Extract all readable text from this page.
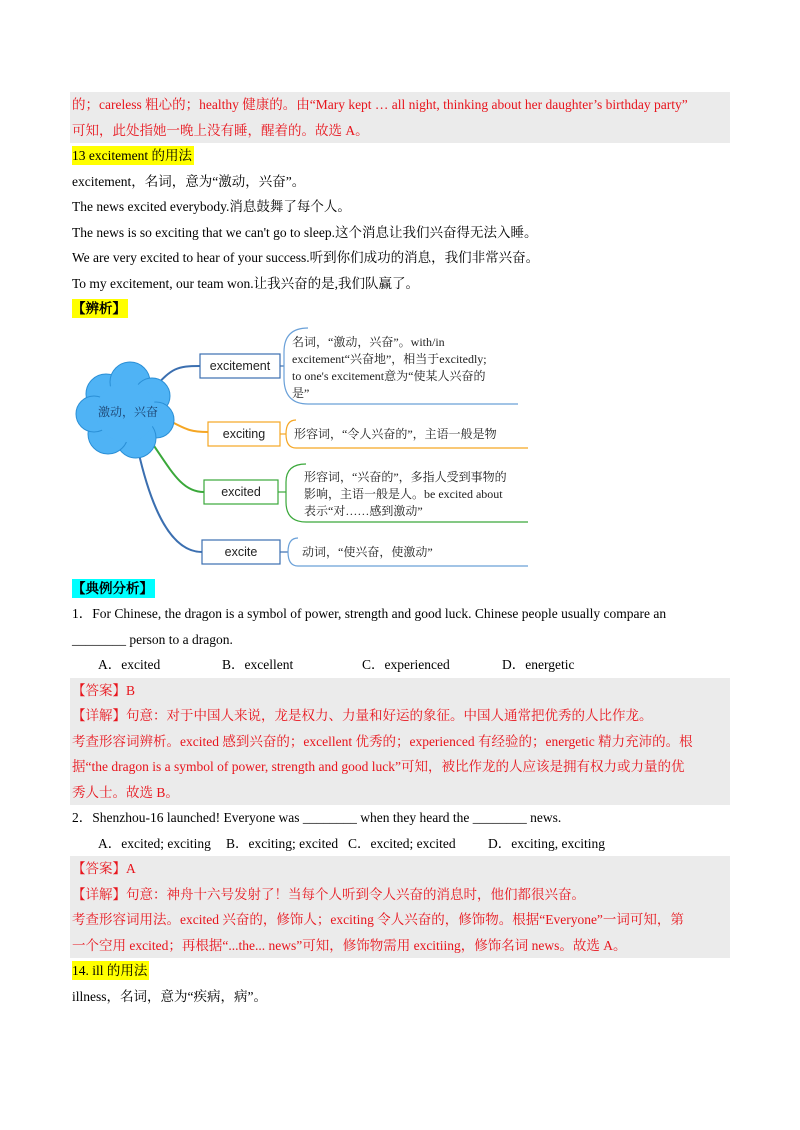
的；careless 粗心的；healthy 健康的。由“Mary kept … all night, thinking about her daughter’s birthday party”
可知，此处指她一晚上没有睡，醒着的。故选 A。
13 excitement 的用法
excitement，名词，意为“激动，兴奋”。
The news excited everybody.消息鼓舞了每个人。
The news is so exciting that we can't go to sleep.这个消息让我们兴奋得无法入睡。
We are very excited to hear of your success.听到你们成功的消息，我们非常兴奋。
To my excitement, our team won.让我兴奋的是,我们队赢了。
【辨析】
激动，兴奋
excitement
exciting
excited
excite
名词，“激动，兴奋”。with/in
excitement“兴奋地”，相当于excitedly;
to one's excitement意为“使某人兴奋的
是”
形容词，“令人兴奋的”，主语一般是物
形容词，“兴奋的”，多指人受到事物的
影响，主语一般是人。be excited about
表示“对……感到激动”
动词，“使兴奋，使激动”
【典例分析】
1．For Chinese, the dragon is a symbol of power, strength and good luck. Chinese people usually compare an
________ person to a dragon.
A．excited	B．excellent	C．experienced	D．energetic
【答案】B
【详解】句意：对于中国人来说，龙是权力、力量和好运的象征。中国人通常把优秀的人比作龙。
考查形容词辨析。excited 感到兴奋的；excellent 优秀的；experienced 有经验的；energetic 精力充沛的。根
据“the dragon is a symbol of power, strength and good luck”可知，被比作龙的人应该是拥有权力或力量的优
秀人士。故选 B。
2．Shenzhou-16 launched! Everyone was ________ when they heard the ________ news.
A．excited; exciting B．exciting; excited C．excited; excited D．exciting, exciting
【答案】A
【详解】句意：神舟十六号发射了！当每个人听到令人兴奋的消息时，他们都很兴奋。
考查形容词用法。excited 兴奋的，修饰人；exciting 令人兴奋的，修饰物。根据“Everyone”一词可知，第
一个空用 excited；再根据“...the... news”可知，修饰物需用 excitiing，修饰名词 news。故选 A。
14. ill 的用法
illness，名词，意为“疾病，病”。
